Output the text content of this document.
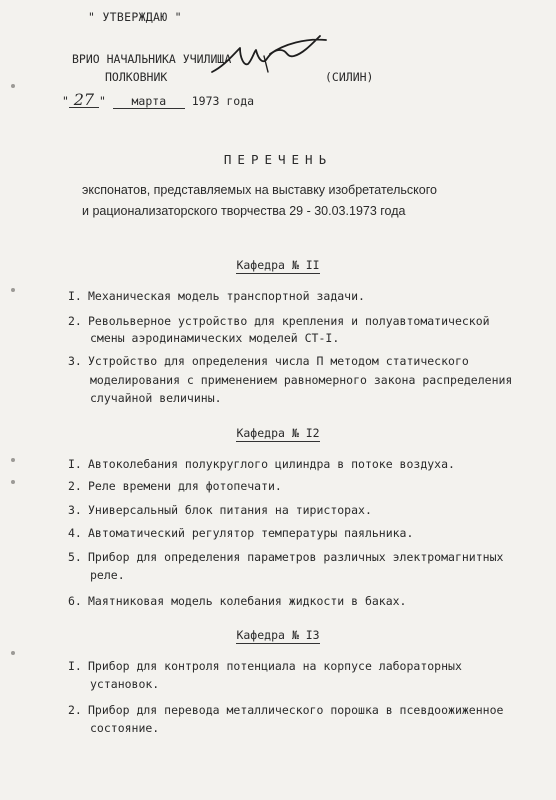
" УТВЕРЖДАЮ "
ВРИО НАЧАЛЬНИКА УЧИЛИЩА
ПОЛКОВНИК	(СИЛИН)
" 27 " марта 1973 года
ПЕРЕЧЕНЬ
экспонатов, представляемых на выставку изобретательского
и рационализаторского творчества 29 - 30.03.1973 года
Кафедра № II
I. Механическая модель транспортной задачи.
2. Револьверное устройство для крепления и полуавтоматической
смены аэродинамических моделей СТ-I.
3. Устройство для определения числа П методом статического
моделирования с применением равномерного закона распределения
случайной величины.
Кафедра № I2
I. Автоколебания полукруглого цилиндра в потоке воздуха.
2. Реле времени для фотопечати.
3. Универсальный блок питания на тиристорах.
4. Автоматический регулятор температуры паяльника.
5. Прибор для определения параметров различных электромагнитных
реле.
6. Маятниковая модель колебания жидкости в баках.
Кафедра № I3
I. Прибор для контроля потенциала на корпусе лабораторных
установок.
2. Прибор для перевода металлического порошка в псевдоожиженное
состояние.
